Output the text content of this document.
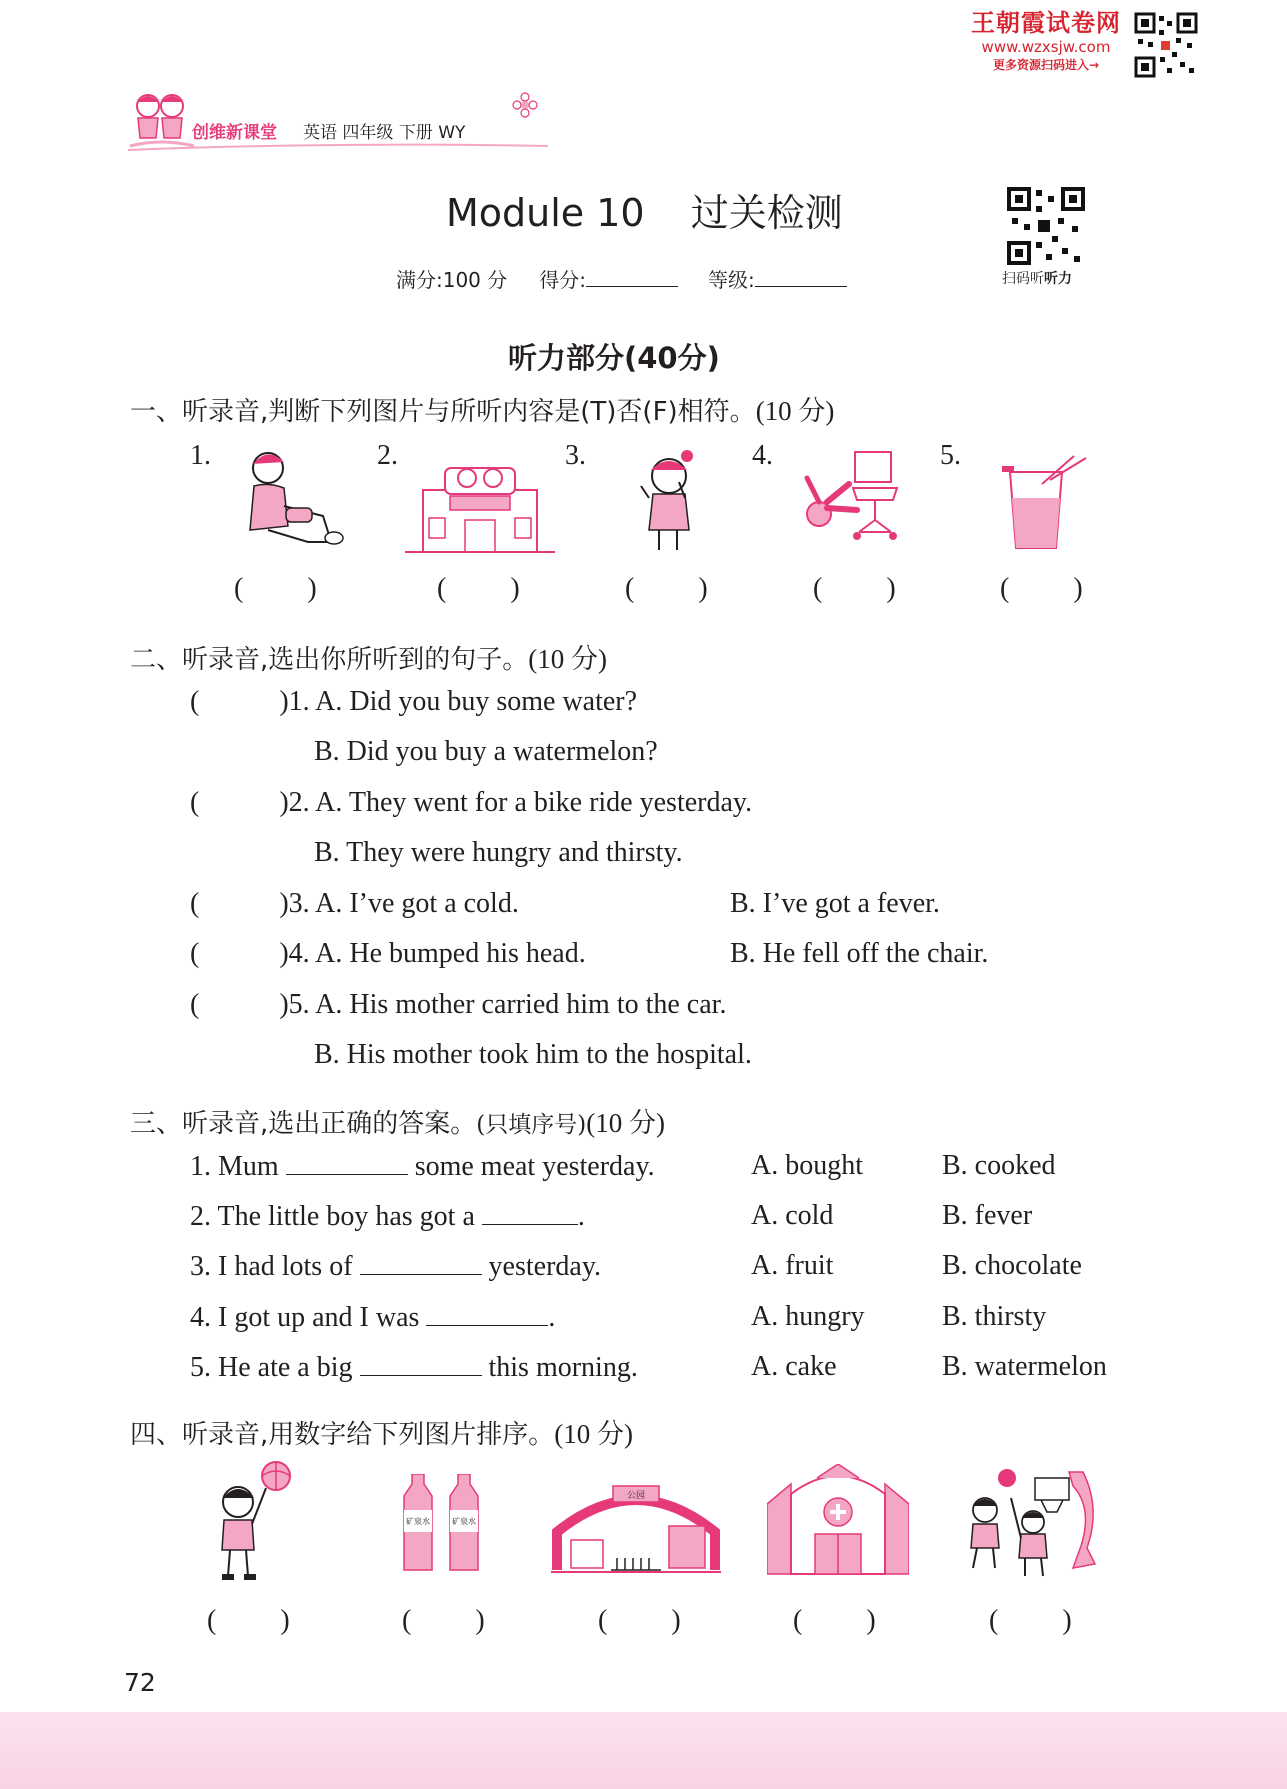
王朝霞试卷网
www.wzxsjw.com
更多资源扫码进入→
创维新课堂 英语 四年级 下册 WY
Module 10 过关检测
满分:100 分 得分:	等级:	扫码听听力
听力部分(40分)
一、听录音,判断下列图片与所听内容是(T)否(F)相符。(10 分)
1.	2.	3.	4.	5.
( )	( )	( )	( )	( )
二、听录音,选出你所听到的句子。(10 分)
(	)1. A. Did you buy some water?
B. Did you buy a watermelon?
(	)2. A. They went for a bike ride yesterday.
B. They were hungry and thirsty.
(	)3. A. I’ve got a cold.	B. I’ve got a fever.
(	)4. A. He bumped his head.	B. He fell off the chair.
(	)5. A. His mother carried him to the car.
B. His mother took him to the hospital.
三、听录音,选出正确的答案。(只填序号)(10 分)
1. Mum	some meat yesterday.	A. bought	B. cooked
2. The little boy has got a	.	A. cold	B. fever
3. I had lots of	yesterday.	A. fruit	B. chocolate
4. I got up and I was	.	A. hungry	B. thirsty
5. He ate a big	this morning.	A. cake	B. watermelon
四、听录音,用数字给下列图片排序。(10 分)
矿泉水	矿泉水
公园
( )	( )	( )	( )	( )
72
